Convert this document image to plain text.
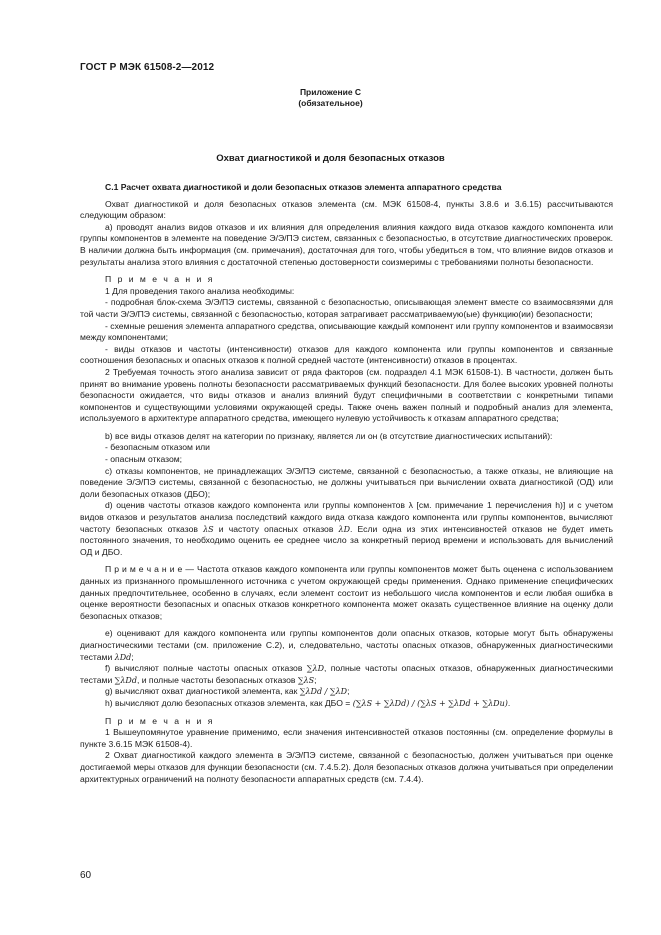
ГОСТ Р МЭК 61508-2—2012
Приложение С
(обязательное)
Охват диагностикой и доля безопасных отказов

С.1 Расчет охвата диагностикой и доли безопасных отказов элемента аппаратного средства

Охват диагностикой и доля безопасных отказов элемента (см. МЭК 61508-4, пункты 3.8.6 и 3.6.15) рассчитываются следующим образом:

a) проводят анализ видов отказов и их влияния для определения влияния каждого вида отказов каждого компонента или группы компонентов в элементе на поведение Э/Э/ПЭ систем, связанных с безопасностью, в отсутствие диагностических проверок. В наличии должна быть информация (см. примечания), достаточная для того, чтобы убедиться в том, что влияние видов отказов и результаты анализа этого влияния с достаточной степенью достоверности соизмеримы с требованиями полноты безопасности.

П р и м е ч а н и я

1 Для проведения такого анализа необходимы:

- подробная блок-схема Э/Э/ПЭ системы, связанной с безопасностью, описывающая элемент вместе со взаимосвязями для той части Э/Э/ПЭ системы, связанной с безопасностью, которая затрагивает рассматриваемую(ые) функцию(ии) безопасности;

- схемные решения элемента аппаратного средства, описывающие каждый компонент или группу компонентов и взаимосвязи между компонентами;

- виды отказов и частоты (интенсивности) отказов для каждого компонента или группы компонентов и связанные соотношения безопасных и опасных отказов к полной средней частоте (интенсивности) отказов в процентах.

2 Требуемая точность этого анализа зависит от ряда факторов (см. подраздел 4.1 МЭК 61508-1). В частности, должен быть принят во внимание уровень полноты безопасности рассматриваемых функций безопасности. Для более высоких уровней полноты безопасности ожидается, что виды отказов и анализ влияний будут специфичными в соответствии с конкретными типами компонентов и существующими условиями окружающей среды. Также очень важен полный и подробный анализ для элемента, используемого в архитектуре аппаратного средства, имеющего нулевую устойчивость к отказам аппаратного средства;

b) все виды отказов делят на категории по признаку, является ли он (в отсутствие диагностических испытаний):

- безопасным отказом или

- опасным отказом;

c) отказы компонентов, не принадлежащих Э/Э/ПЭ системе, связанной с безопасностью, а также отказы, не влияющие на поведение Э/Э/ПЭ системы, связанной с безопасностью, не должны учитываться при вычислении охвата диагностикой (ОД) или доли безопасных отказов (ДБО);

d) оценив частоты отказов каждого компонента или группы компонентов λ [см. примечание 1 перечисления h)] и с учетом видов отказов и результатов анализа последствий каждого вида отказа каждого компонента или группы компонентов, вычисляют частоту безопасных отказов λS и частоту опасных отказов λD. Если одна из этих интенсивностей отказов не будет иметь постоянного значения, то необходимо оценить ее среднее число за конкретный период времени и использовать для вычислений ОД и ДБО.

П р и м е ч а н и е — Частота отказов каждого компонента или группы компонентов может быть оценена с использованием данных из признанного промышленного источника с учетом окружающей среды применения. Однако применение специфических данных предпочтительнее, особенно в случаях, если элемент состоит из небольшого числа компонентов и если любая ошибка в оценке вероятности безопасных и опасных отказов конкретного компонента может оказать существенное влияние на оценку доли безопасных отказов;

e) оценивают для каждого компонента или группы компонентов доли опасных отказов, которые могут быть обнаружены диагностическими тестами (см. приложение С.2), и, следовательно, частоты опасных отказов, обнаруженных диагностическими тестами λDd;

f) вычисляют полные частоты опасных отказов ∑λD, полные частоты опасных отказов, обнаруженных диагностическими тестами ∑λDd, и полные частоты безопасных отказов ∑λS;

g) вычисляют охват диагностикой элемента, как ∑λDd / ∑λD;

h) вычисляют долю безопасных отказов элемента, как ДБО = (∑λS + ∑λDd) / (∑λS + ∑λDd + ∑λDu).

П р и м е ч а н и я

1 Вышеупомянутое уравнение применимо, если значения интенсивностей отказов постоянны (см. определение формулы в пункте 3.6.15 МЭК 61508-4).

2 Охват диагностикой каждого элемента в Э/Э/ПЭ системе, связанной с безопасностью, должен учитываться при оценке достигаемой меры отказов для функции безопасности (см. 7.4.5.2). Доля безопасных отказов должна учитываться при определении архитектурных ограничений на полноту безопасности аппаратных средств (см. 7.4.4).

60
